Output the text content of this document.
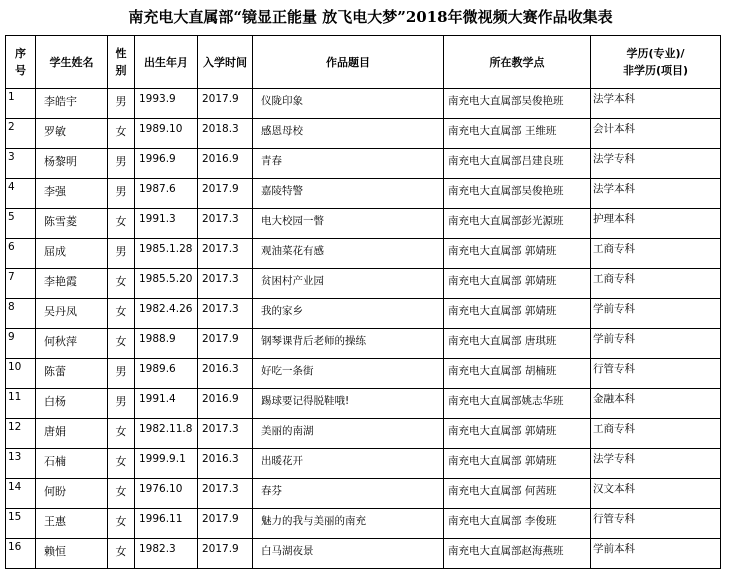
南充电大直属部“镜显正能量 放飞电大梦”2018年微视频大赛作品收集表
序号	学生姓名	性别	出生年月	入学时间	作品题目	所在教学点	学历(专业)/
非学历(项目)

1	李皓宇	男	1993.9	2017.9	仪陇印象	南充电大直属部吴俊艳班	法学本科
2	罗敏	女	1989.10	2018.3	感恩母校	南充电大直属部 王维班	会计本科
3	杨黎明	男	1996.9	2016.9	青春	南充电大直属部吕建良班	法学专科
4	李强	男	1987.6	2017.9	嘉陵特警	南充电大直属部吴俊艳班	法学本科
5	陈雪菱	女	1991.3	2017.3	电大校园一瞥	南充电大直属部彭光源班	护理本科
6	屈成	男	1985.1.28	2017.3	观油菜花有感	南充电大直属部 郭婧班	工商专科
7	李艳霞	女	1985.5.20	2017.3	贫困村产业园	南充电大直属部 郭婧班	工商专科
8	吴丹凤	女	1982.4.26	2017.3	我的家乡	南充电大直属部 郭婧班	学前专科
9	何秋萍	女	1988.9	2017.9	钢琴课背后老师的操练	南充电大直属部 唐琪班	学前专科
10	陈蕾	男	1989.6	2016.3	好吃一条街	南充电大直属部 胡楠班	行管专科
11	白杨	男	1991.4	2016.9	踢球要记得脱鞋哦!	南充电大直属部姚志华班	金融本科
12	唐娟	女	1982.11.8	2017.3	美丽的南湖	南充电大直属部 郭婧班	工商专科
13	石楠	女	1999.9.1	2016.3	出暖花开	南充电大直属部 郭婧班	法学专科
14	何盼	女	1976.10	2017.3	春芬	南充电大直属部 何茜班	汉文本科
15	王惠	女	1996.11	2017.9	魅力的我与美丽的南充	南充电大直属部 李俊班	行管专科
16	赖恒	女	1982.3	2017.9	白马湖夜景	南充电大直属部赵海燕班	学前本科
